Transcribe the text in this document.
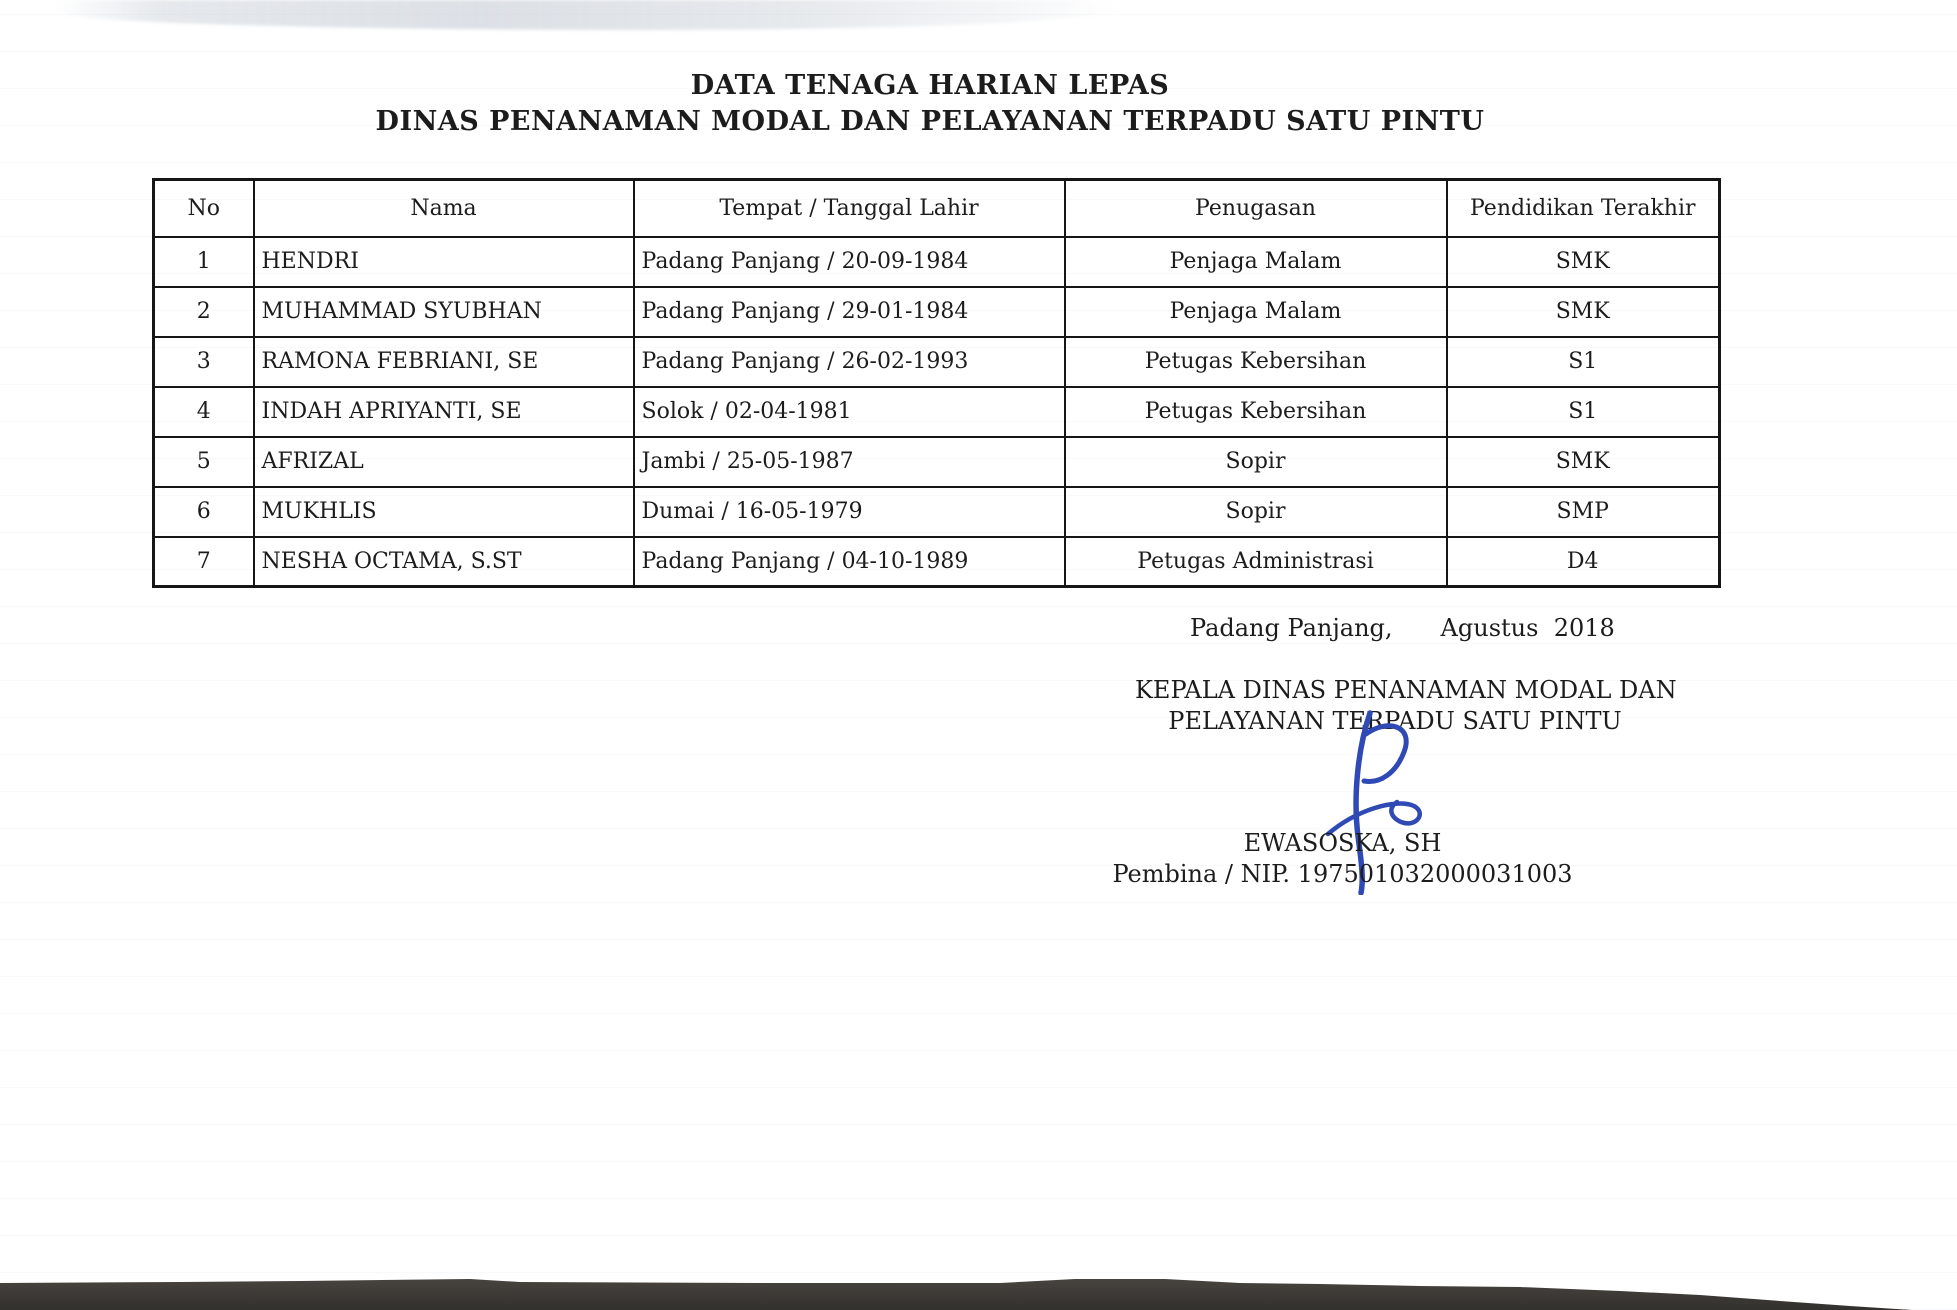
DATA TENAGA HARIAN LEPAS
DINAS PENANAMAN MODAL DAN PELAYANAN TERPADU SATU PINTU
No	Nama	Tempat / Tanggal Lahir	Penugasan	Pendidikan Terakhir
1	HENDRI	Padang Panjang / 20-09-1984	Penjaga Malam	SMK
2	MUHAMMAD SYUBHAN	Padang Panjang / 29-01-1984	Penjaga Malam	SMK
3	RAMONA FEBRIANI, SE	Padang Panjang / 26-02-1993	Petugas Kebersihan	S1
4	INDAH APRIYANTI, SE	Solok / 02-04-1981	Petugas Kebersihan	S1
5	AFRIZAL	Jambi / 25-05-1987	Sopir	SMK
6	MUKHLIS	Dumai / 16-05-1979	Sopir	SMP
7	NESHA OCTAMA, S.ST	Padang Panjang / 04-10-1989	Petugas Administrasi	D4
Padang Panjang, Agustus  2018
KEPALA DINAS PENANAMAN MODAL DAN
PELAYANAN TERPADU SATU PINTU
EWASOSKA, SH
Pembina / NIP. 197501032000031003
